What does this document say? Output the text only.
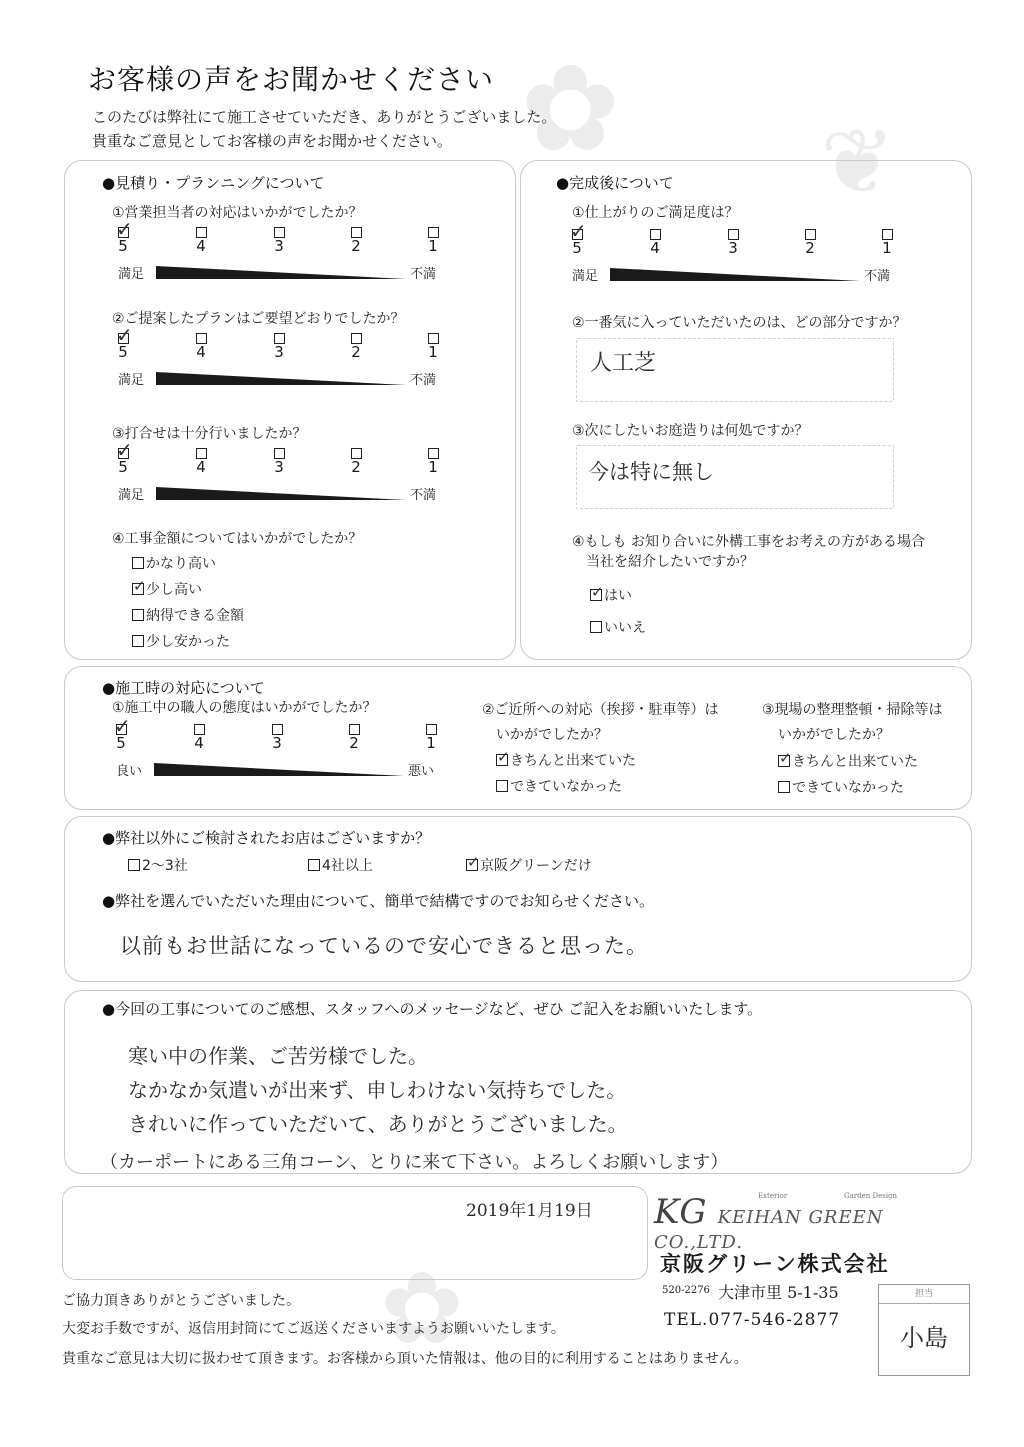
✿ ❦
✿
お客様の声をお聞かせください
このたびは弊社にて施工させていただき、ありがとうございました。
貴重なご意見としてお客様の声をお聞かせください。
●見積り・プランニングについて
①営業担当者の対応はいかがでしたか？
5
✓
4	3	2	1
満足	不満
②ご提案したプランはご要望どおりでしたか？
5
✓
4	3	2	1
満足	不満
③打合せは十分行いましたか？
5
✓
4	3	2	1
満足	不満
④工事金額についてはいかがでしたか？
かなり高い
✓少し高い
納得できる金額
少し安かった
●完成後について
①仕上がりのご満足度は？
5
✓
4	3	2	1
満足	不満
②一番気に入っていただいたのは、どの部分ですか？
人工芝
③次にしたいお庭造りは何処ですか？
今は特に無し
④もしも お知り合いに外構工事をお考えの方がある場合
当社を紹介したいですか？
✓はい
いいえ
●施工時の対応について
①施工中の職人の態度はいかがでしたか？
5
✓
4	3	2	1
良い	悪い
②ご近所への対応（挨拶・駐車等）は
いかがでしたか？
✓きちんと出来ていた
できていなかった
③現場の整理整頓・掃除等は
いかがでしたか？
✓きちんと出来ていた
できていなかった
●弊社以外にご検討されたお店はございますか？
2～3社	4社以上
✓	京阪グリーンだけ
●弊社を選んでいただいた理由について、簡単で結構ですのでお知らせください。
以前もお世話になっているので安心できると思った。
●今回の工事についてのご感想、スタッフへのメッセージなど、ぜひ ご記入をお願いいたします。
寒い中の作業、ご苦労様でした。
なかなか気遣いが出来ず、申しわけない気持ちでした。
きれいに作っていただいて、ありがとうございました。
（カーポートにある三角コーン、とりに来て下さい。よろしくお願いします）
2019年1月19日 KG KEIHAN GREEN CO.,LTD.
Exterior	Garden Design
京阪グリーン株式会社
520-2276 大津市里 5-1-35
TEL.077-546-2877
ご協力頂きありがとうございました。
大変お手数ですが、返信用封筒にてご返送くださいますようお願いいたします。
貴重なご意見は大切に扱わせて頂きます。お客様から頂いた情報は、他の目的に利用することはありません。
担当
小島
